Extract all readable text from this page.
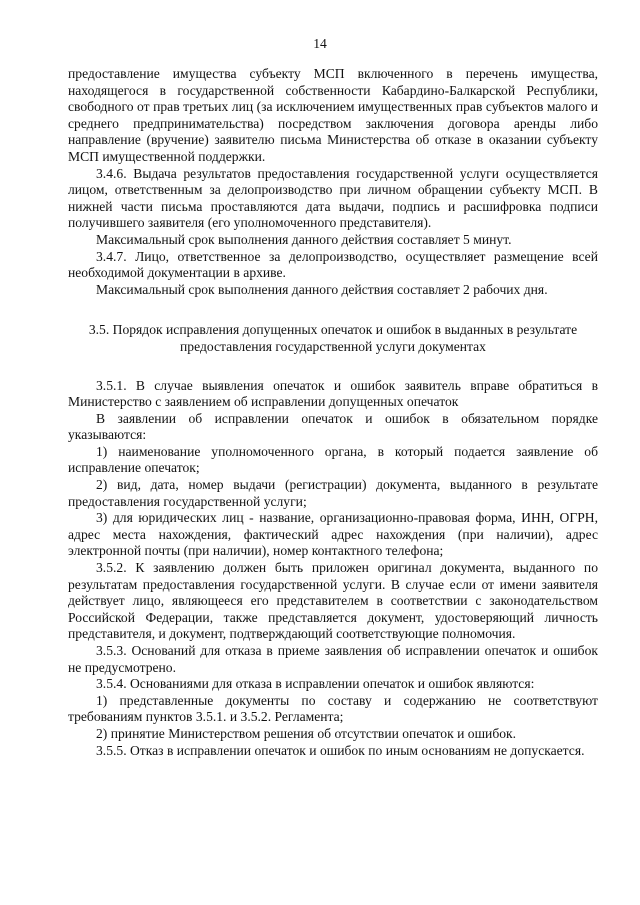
14

предоставление имущества субъекту МСП включенного в перечень имущества, находящегося в государственной собственности Кабардино-Балкарской Республики, свободного от прав третьих лиц (за исключением имущественных прав субъектов малого и среднего предпринимательства) посредством заключения договора аренды либо направление (вручение) заявителю письма Министерства об отказе в оказании субъекту МСП имущественной поддержки.

3.4.6. Выдача результатов предоставления государственной услуги осуществляется лицом, ответственным за делопроизводство при личном обращении субъекту МСП. В нижней части письма проставляются дата выдачи, подпись и расшифровка подписи получившего заявителя (его уполномоченного представителя).

Максимальный срок выполнения данного действия составляет 5 минут.

3.4.7. Лицо, ответственное за делопроизводство, осуществляет размещение всей необходимой документации в архиве.

Максимальный срок выполнения данного действия составляет 2 рабочих дня.

3.5. Порядок исправления допущенных опечаток и ошибок в выданных в результате предоставления государственной услуги документах

3.5.1. В случае выявления опечаток и ошибок заявитель вправе обратиться в Министерство с заявлением об исправлении допущенных опечаток

В заявлении об исправлении опечаток и ошибок в обязательном порядке указываются:

1) наименование уполномоченного органа, в который подается заявление об исправление опечаток;

2) вид, дата, номер выдачи (регистрации) документа, выданного в результате предоставления государственной услуги;

3) для юридических лиц - название, организационно-правовая форма, ИНН, ОГРН, адрес места нахождения, фактический адрес нахождения (при наличии), адрес электронной почты (при наличии), номер контактного телефона;

3.5.2. К заявлению должен быть приложен оригинал документа, выданного по результатам предоставления государственной услуги. В случае если от имени заявителя действует лицо, являющееся его представителем в соответствии с законодательством Российской Федерации, также представляется документ, удостоверяющий личность представителя, и документ, подтверждающий соответствующие полномочия.

3.5.3. Оснований для отказа в приеме заявления об исправлении опечаток и ошибок не предусмотрено.

3.5.4. Основаниями для отказа в исправлении опечаток и ошибок являются:

1) представленные документы по составу и содержанию не соответствуют требованиям пунктов 3.5.1. и 3.5.2. Регламента;

2) принятие Министерством решения об отсутствии опечаток и ошибок.

3.5.5. Отказ в исправлении опечаток и ошибок по иным основаниям не допускается.
